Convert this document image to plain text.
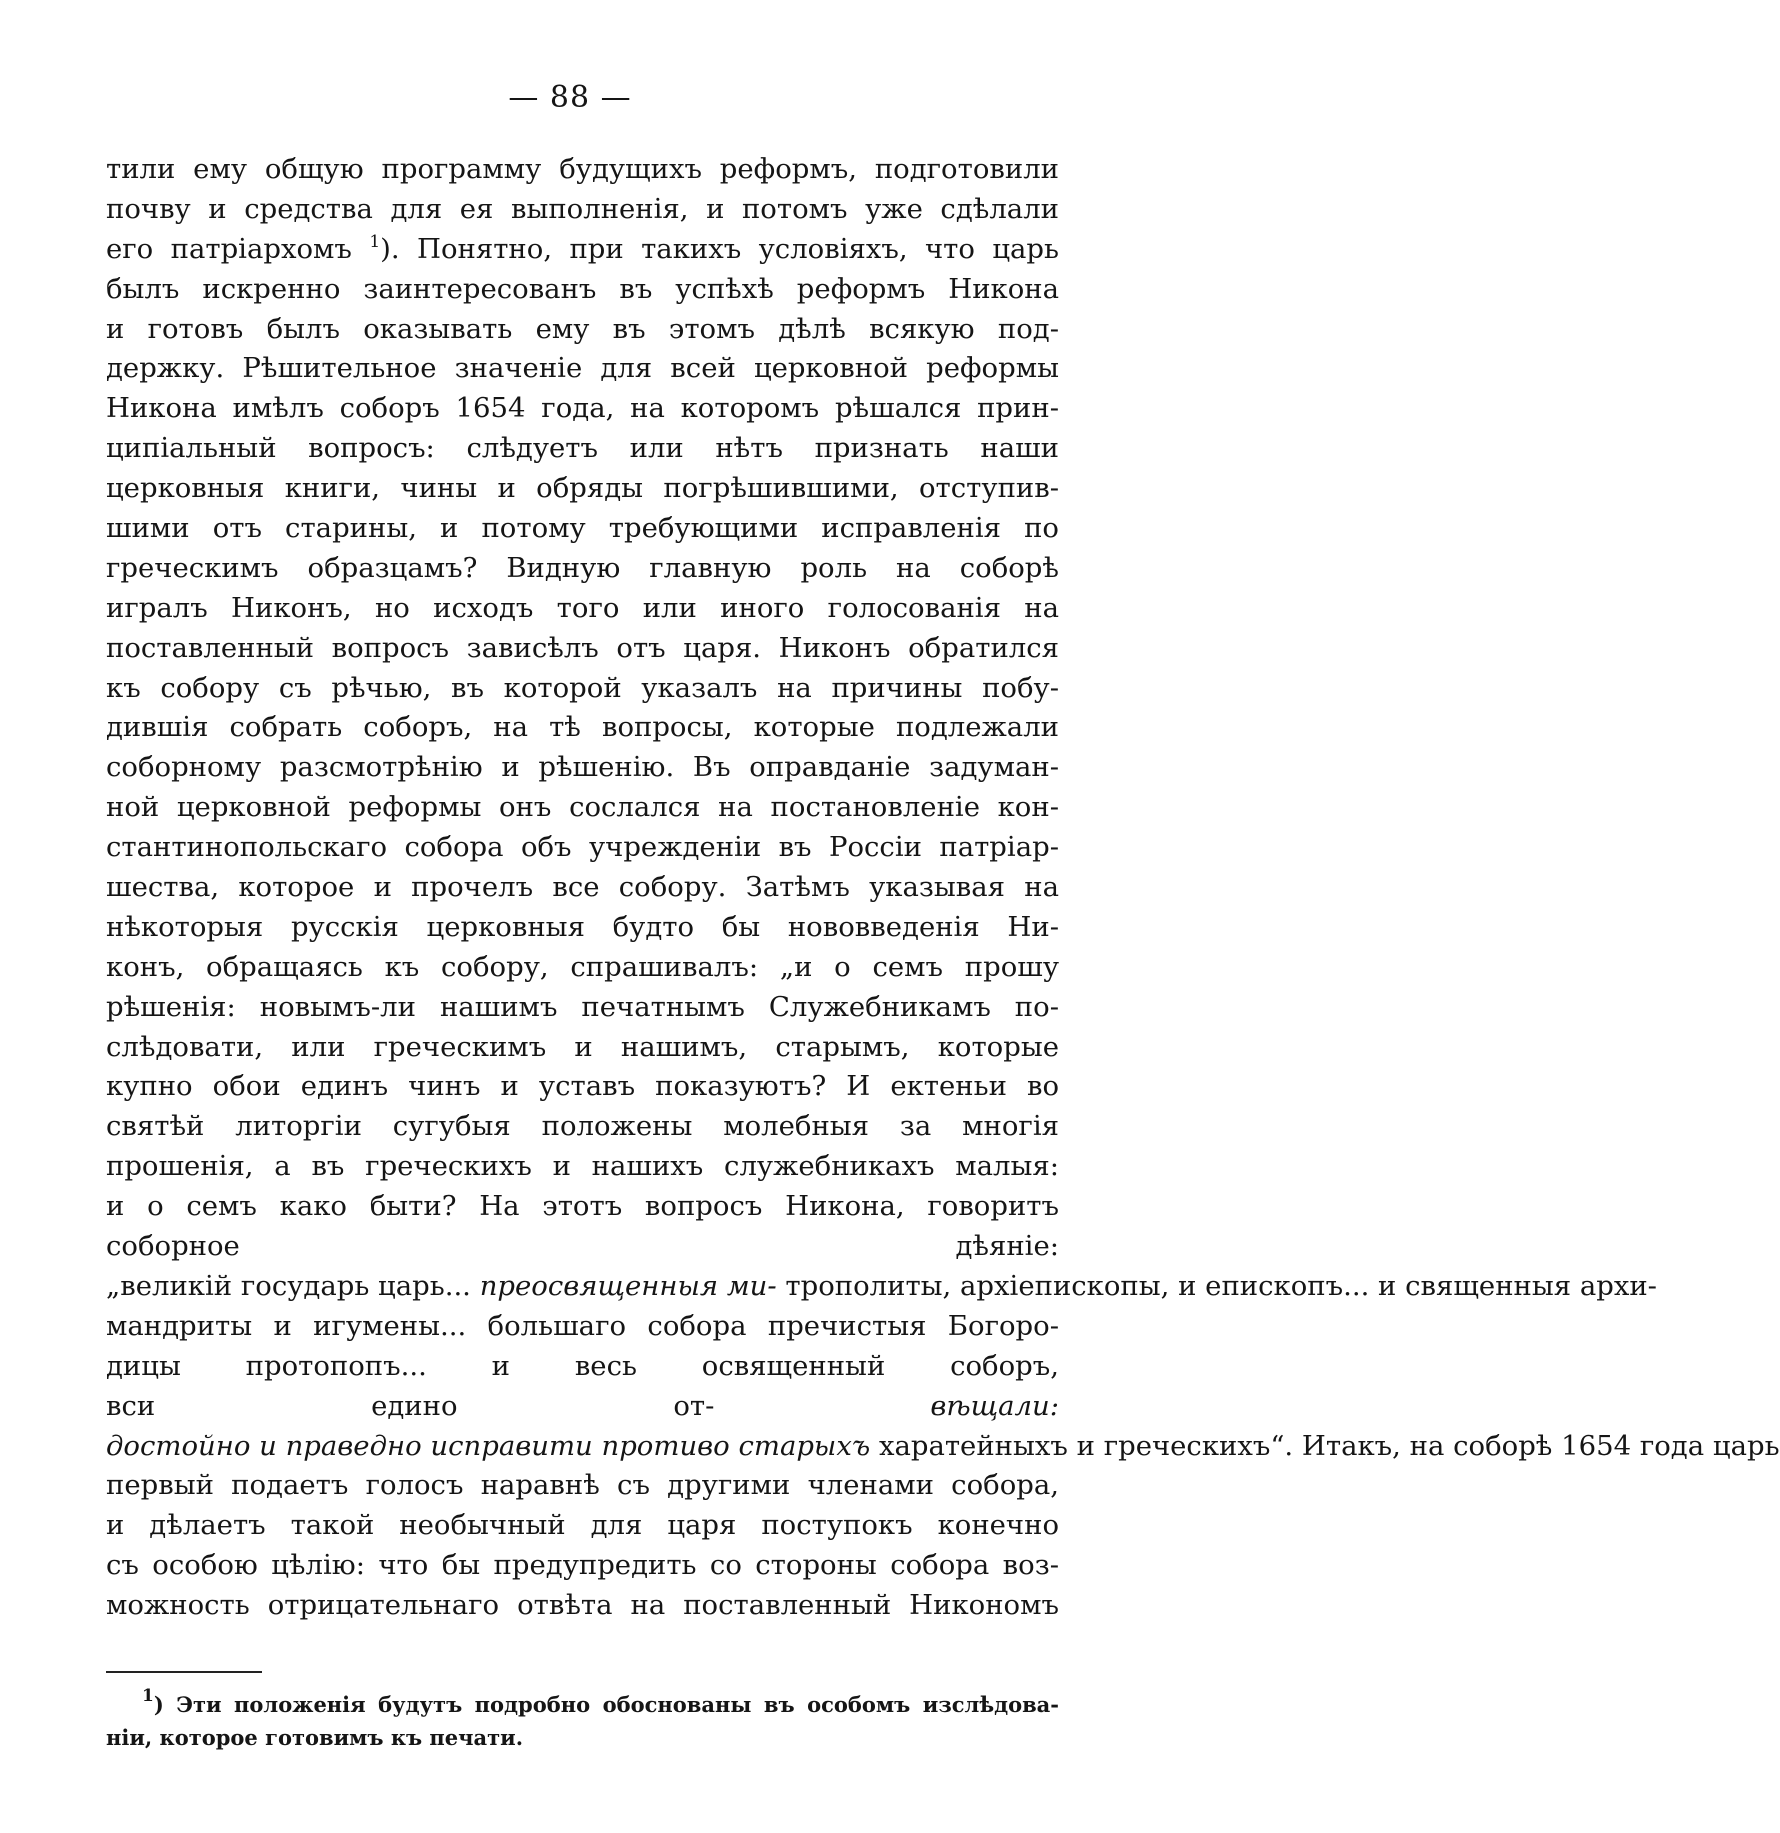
— 88 —
тили ему общую программу будущихъ реформъ, подготовили
почву и средства для ея выполненія, и потомъ уже сдѣлали
его патріархомъ $^1$). Понятно, при такихъ условіяхъ, что царь
былъ искренно заинтересованъ въ успѣхѣ реформъ Никона
и готовъ былъ оказывать ему въ этомъ дѣлѣ всякую под-
держку. Рѣшительное значеніе для всей церковной реформы
Никона имѣлъ соборъ 1654 года, на которомъ рѣшался прин-
ципіальный вопросъ: слѣдуетъ или нѣтъ признать наши
церковныя книги, чины и обряды погрѣшившими, отступив-
шими отъ старины, и потому требующими исправленія по
греческимъ образцамъ? Видную главную роль на соборѣ
игралъ Никонъ, но исходъ того или иного голосованія на
поставленный вопросъ зависѣлъ отъ царя. Никонъ обратился
къ собору съ рѣчью, въ которой указалъ на причины побу-
дившія собрать соборъ, на тѣ вопросы, которые подлежали
соборному разсмотрѣнію и рѣшенію. Въ оправданіе задуман-
ной церковной реформы онъ сослался на постановленіе кон-
стантинопольскаго собора объ учрежденіи въ Россіи патріар-
шества, которое и прочелъ все собору. Затѣмъ указывая на
нѣкоторыя русскія церковныя будто бы нововведенія Ни-
конъ, обращаясь къ собору, спрашивалъ: „и о семъ прошу
рѣшенія: новымъ-ли нашимъ печатнымъ Служебникамъ по-
слѣдовати, или греческимъ и нашимъ, старымъ, которые
купно обои единъ чинъ и уставъ показуютъ? И ектеньи во
святѣй литоргіи сугубыя положены молебныя за многія
прошенія, а въ греческихъ и нашихъ служебникахъ малыя:
и о семъ како быти? На этотъ вопросъ Никона, говоритъ
соборное дѣяніе:
„великій государь царь... преосвященныя ми- трополиты, архіепископы, и епископъ... и священныя архи-
мандриты и игумены... большаго собора пречистыя Богоро-
дицы протопопъ... и весь освященный соборъ,
вси едино от-	вѣщали:
достойно и праведно исправити противо старыхъ харатейныхъ и греческихъ“. Итакъ, на соборѣ 1654 года царь
первый подаетъ голосъ наравнѣ съ другими членами собора,
и дѣлаетъ такой необычный для царя поступокъ конечно
съ особою цѣлію: что бы предупредить со стороны собора воз-
можность отрицательнаго отвѣта на поставленный Никономъ
$^1$) Эти положенія будутъ подробно обоснованы въ особомъ изслѣдова-
ніи, которое готовимъ къ печати.
